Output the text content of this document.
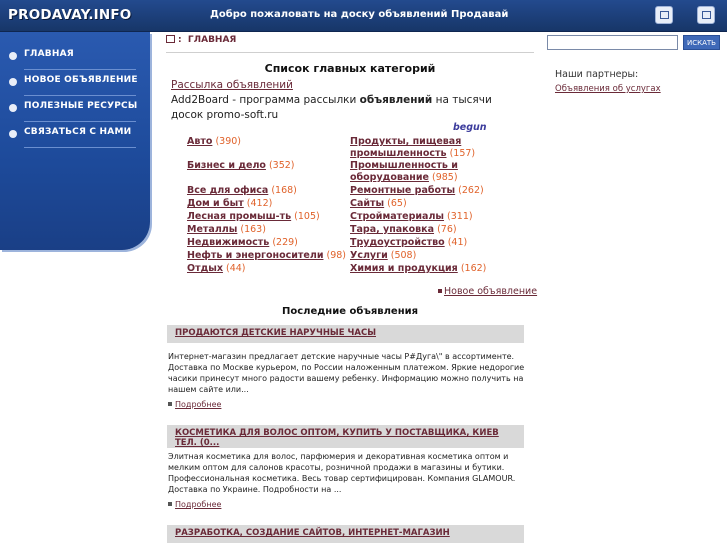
PRODAVAY.INFO	Добро пожаловать на доску объявлений Продавай
ГЛАВНАЯ
НОВОЕ ОБЪЯВЛЕНИЕ
ПОЛЕЗНЫЕ РЕСУРСЫ
СВЯЗАТЬСЯ С НАМИ
: ГЛАВНАЯ	ИСКАТЬ
Список главных категорий
Рассылка объявлений
Add2Board - программа рассылки объявлений на тысячи досок promo-soft.ru
begun
Авто (390)
Бизнес и дело (352)
Все для офиса (168)
Дом и быт (412)
Лесная промыш-ть (105)
Металлы (163)
Недвижимость (229)
Нефть и энергоносители (98)
Отдых (44)
Продукты, пищевая промышленность (157)
Промышленность и оборудование (985)
Ремонтные работы (262)
Сайты (65)
Стройматериалы (311)
Тара, упаковка (76)
Трудоустройство (41)
Услуги (508)
Химия и продукция (162)
Новое объявление
Последние объявления
ПРОДАЮТСЯ ДЕТСКИЕ НАРУЧНЫЕ ЧАСЫ
Интернет-магазин предлагает детские наручные часы Р#Дуга\" в ассортименте. Доставка по Москве курьером, по России наложенным платежом. Яркие недорогие часики принесут много радости вашему ребенку. Информацию можно получить на нашем сайте или...
Подробнее
КОСМЕТИКА ДЛЯ ВОЛОС ОПТОМ, КУПИТЬ У ПОСТАВЩИКА, КИЕВ ТЕЛ. (0...
Элитная косметика для волос, парфюмерия и декоративная косметика оптом и мелким оптом для салонов красоты, розничной продажи в магазины и бутики. Профессиональная косметика. Весь товар сертифицирован. Компания GLAMOUR. Доставка по Украине. Подробности на ...
Подробнее
РАЗРАБОТКА, СОЗДАНИЕ САЙТОВ, ИНТЕРНЕТ-МАГАЗИН
Наши партнеры:
Объявления об услугах
